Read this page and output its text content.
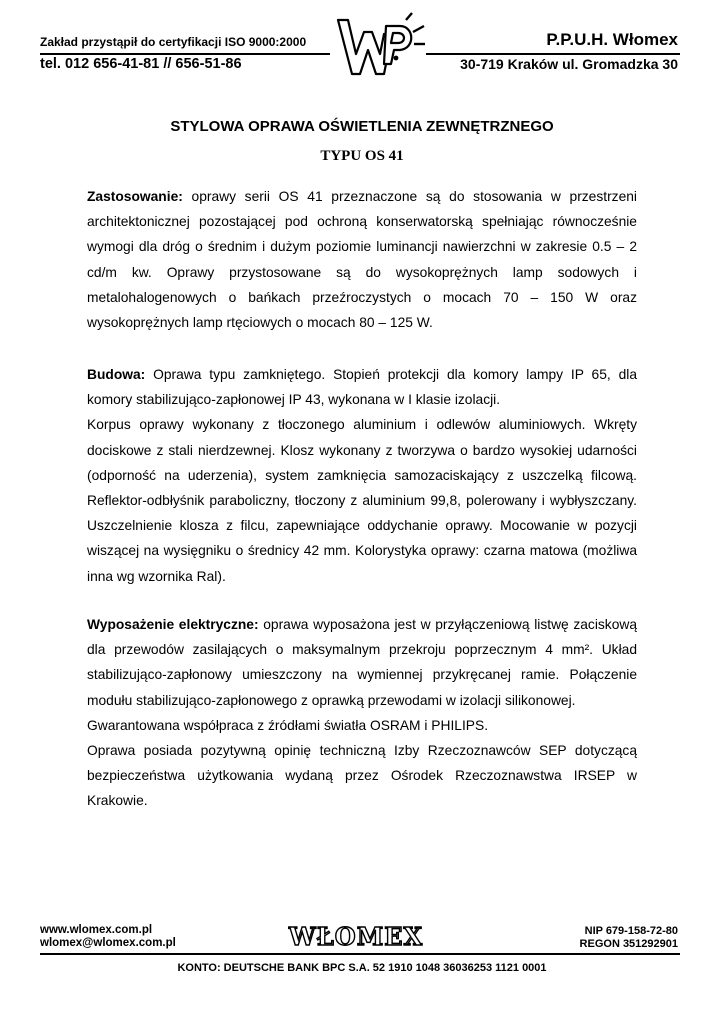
Zakład przystąpił do certyfikacji ISO 9000:2000	P.P.U.H. Włomex
tel. 012 656-41-81 // 656-51-86	30-719 Kraków ul. Gromadzka 30
STYLOWA OPRAWA OŚWIETLENIA ZEWNĘTRZNEGO
TYPU OS 41

Zastosowanie: oprawy serii OS 41 przeznaczone są do stosowania w przestrzeni architektonicznej pozostającej pod ochroną konserwatorską spełniając równocześnie wymogi dla dróg o średnim i dużym poziomie luminancji nawierzchni w zakresie 0.5 – 2 cd/m kw. Oprawy przystosowane są do wysokoprężnych lamp sodowych i metalohalogenowych o bańkach przeźroczystych o mocach 70 – 150 W oraz wysokoprężnych lamp rtęciowych o mocach 80 – 125 W.

Budowa: Oprawa typu zamkniętego. Stopień protekcji dla komory lampy IP 65, dla komory stabilizująco-zapłonowej IP 43, wykonana w I klasie izolacji.

Korpus oprawy wykonany z tłoczonego aluminium i odlewów aluminiowych. Wkręty dociskowe z stali nierdzewnej. Klosz wykonany z tworzywa o bardzo wysokiej udarności (odporność na uderzenia), system zamknięcia samozaciskający z uszczelką filcową. Reflektor-odbłyśnik paraboliczny, tłoczony z aluminium 99,8, polerowany i wybłyszczany. Uszczelnienie klosza z filcu, zapewniające oddychanie oprawy. Mocowanie w pozycji wiszącej na wysięgniku o średnicy 42 mm. Kolorystyka oprawy: czarna matowa (możliwa inna wg wzornika Ral).

Wyposażenie elektryczne: oprawa wyposażona jest w przyłączeniową listwę zaciskową dla przewodów zasilających o maksymalnym przekroju poprzecznym 4 mm². Układ stabilizująco-zapłonowy umieszczony na wymiennej przykręcanej ramie. Połączenie modułu stabilizująco-zapłonowego z oprawką przewodami w izolacji silikonowej.

Gwarantowana współpraca z źródłami światła OSRAM i PHILIPS.

Oprawa posiada pozytywną opinię techniczną Izby Rzeczoznawców SEP dotyczącą bezpieczeństwa użytkowania wydaną przez Ośrodek Rzeczoznawstwa IRSEP w Krakowie.

www.wlomex.com.pl
wlomex@wlomex.com.pl	WŁOMEX	NIP 679-158-72-80
REGON 351292901
KONTO: DEUTSCHE BANK BPC S.A. 52 1910 1048 36036253 1121 0001
